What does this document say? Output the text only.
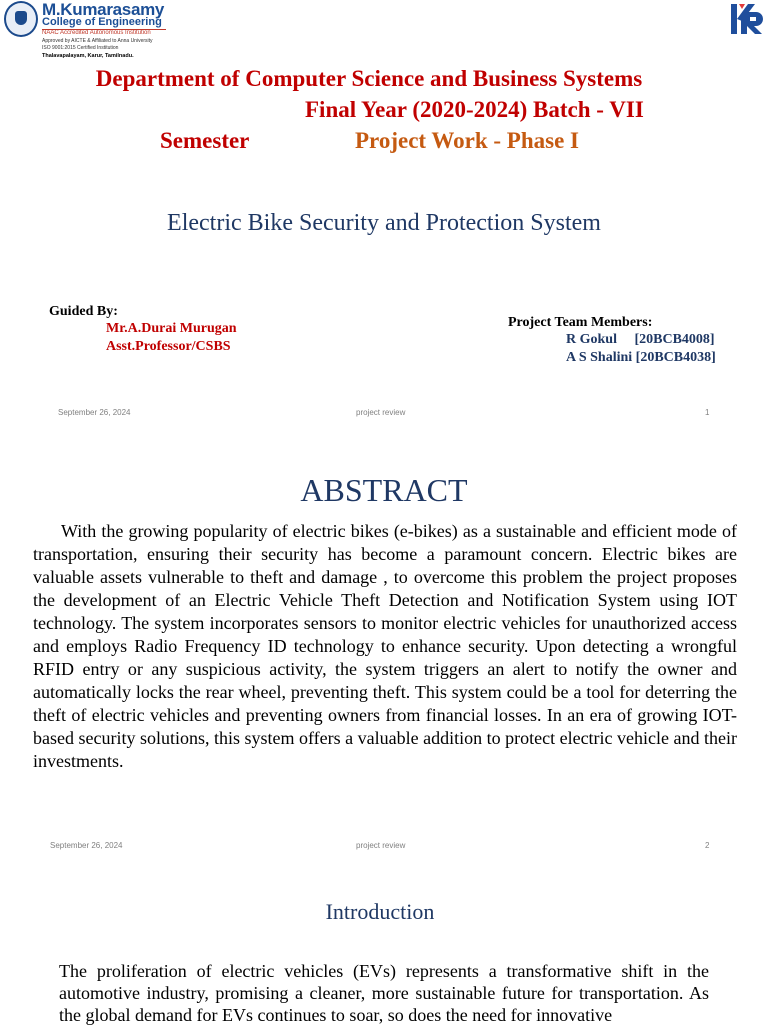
M.Kumarasamy
College of Engineering
NAAC Accredited Autonomous Institution
Approved by AICTE & Affiliated to Anna University
ISO 9001:2015 Certified Institution
Thalavapalayam, Karur, Tamilnadu.
Department of Computer Science and Business Systems
Final Year (2020-2024) Batch - VII
Semester	Project Work - Phase I
Electric Bike Security and Protection System
Guided By:
Mr.A.Durai Murugan
Asst.Professor/CSBS
Project Team Members:
R Gokul     [20BCB4008]
A S Shalini [20BCB4038]
September 26, 2024	project review	1
ABSTRACT
With the growing popularity of electric bikes (e-bikes) as a sustainable and efficient mode of transportation, ensuring their security has become a paramount concern. Electric bikes are valuable assets vulnerable to theft and damage , to overcome this problem the project proposes the development of an Electric Vehicle Theft Detection and Notification System using IOT technology. The system incorporates sensors to monitor electric vehicles for unauthorized access and employs Radio Frequency ID technology to enhance security. Upon detecting a wrongful RFID entry or any suspicious activity, the system triggers an alert to notify the owner and automatically locks the rear wheel, preventing theft. This system could be a tool for deterring the theft of electric vehicles and preventing owners from financial losses. In an era of growing IOT-based security solutions, this system offers a valuable addition to protect electric vehicle and their investments.
September 26, 2024	project review	2
Introduction
The proliferation of electric vehicles (EVs) represents a transformative shift in the automotive industry, promising a cleaner, more sustainable future for transportation. As the global demand for EVs continues to soar, so does the need for innovative
